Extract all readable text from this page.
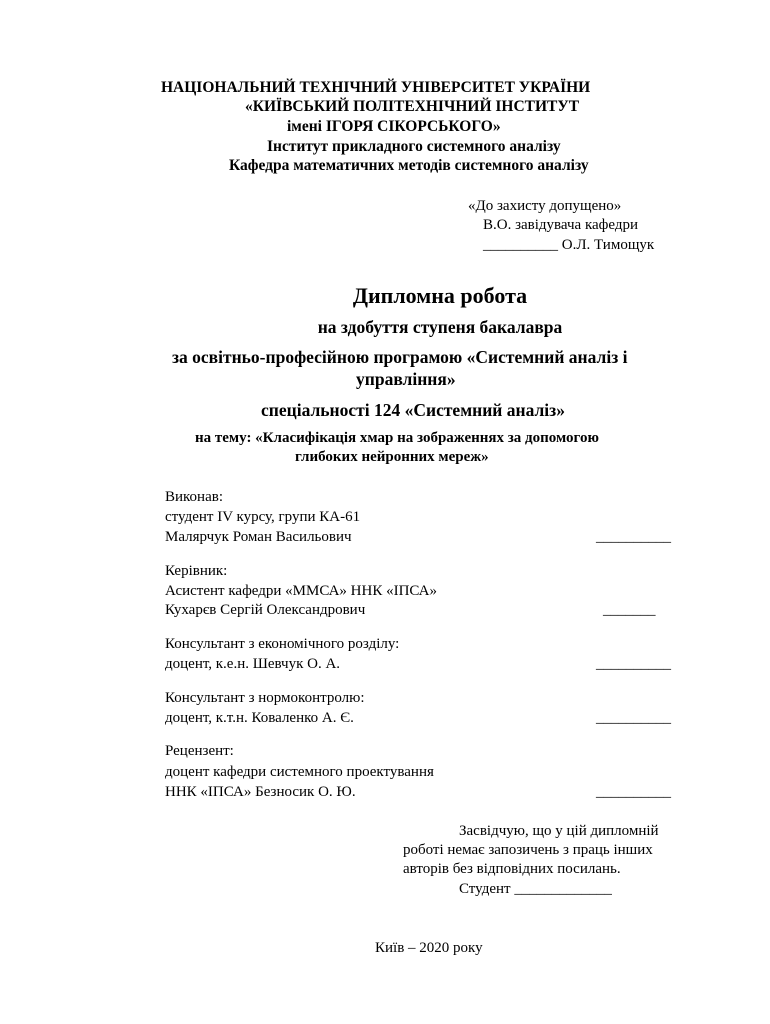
НАЦІОНАЛЬНИЙ ТЕХНІЧНИЙ УНІВЕРСИТЕТ УКРАЇНИ
«КИЇВСЬКИЙ ПОЛІТЕХНІЧНИЙ ІНСТИТУТ
імені ІГОРЯ СІКОРСЬКОГО»
Інститут прикладного системного аналізу
Кафедра математичних методів системного аналізу
«До захисту допущено»
В.О. завідувача кафедри
__________ О.Л. Тимощук
Дипломна робота
на здобуття ступеня бакалавра
за освітньо-професійною програмою «Системний аналіз і
управління»
спеціальності 124 «Системний аналіз»
на тему: «Класифікація хмар на зображеннях за допомогою
глибоких нейронних мереж»
Виконав:
студент IV курсу, групи КА-61
Малярчук Роман Васильович	__________
Керівник:
Асистент кафедри «ММСА» ННК «ІПСА»
Кухарєв Сергій Олександрович	_______
Консультант з економічного розділу:
доцент, к.е.н. Шевчук О. А.	__________
Консультант з нормоконтролю:
доцент, к.т.н. Коваленко А. Є.	__________
Рецензент:
доцент кафедри системного проектування
ННК «ІПСА» Безносик О. Ю.	__________
Засвідчую, що у цій дипломній
роботі немає запозичень з праць інших
авторів без відповідних посилань.
Студент _____________
Київ – 2020 року
